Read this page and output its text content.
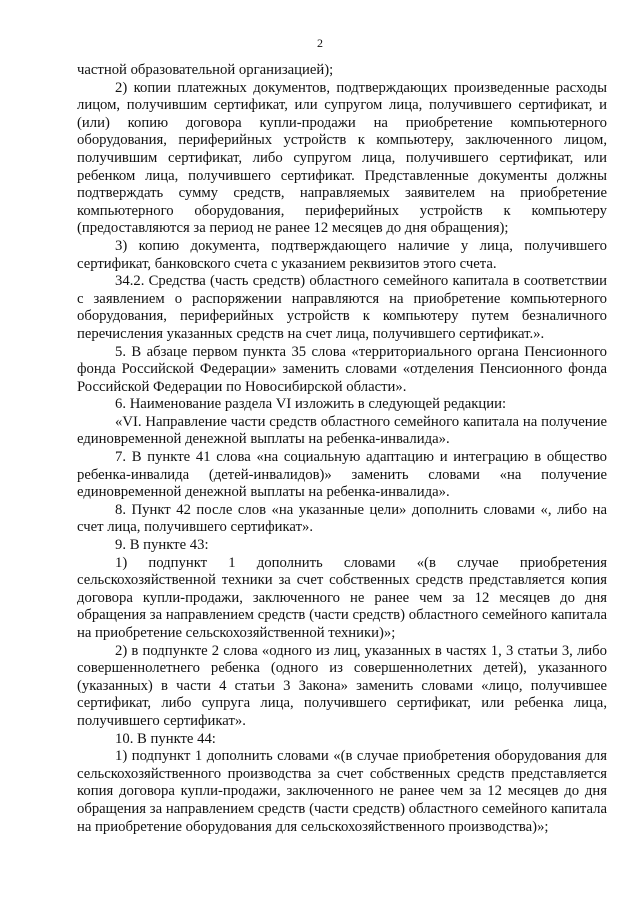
2

частной образовательной организацией);

2) копии платежных документов, подтверждающих произведенные расходы лицом, получившим сертификат, или супругом лица, получившего сертификат, и (или) копию договора купли-продажи на приобретение компьютерного оборудования, периферийных устройств к компьютеру, заключенного лицом, получившим сертификат, либо супругом лица, получившего сертификат, или ребенком лица, получившего сертификат. Представленные документы должны подтверждать сумму средств, направляемых заявителем на приобретение компьютерного оборудования, периферийных устройств к компьютеру (предоставляются за период не ранее 12 месяцев до дня обращения);

3) копию документа, подтверждающего наличие у лица, получившего сертификат, банковского счета с указанием реквизитов этого счета.

34.2. Средства (часть средств) областного семейного капитала в соответствии с заявлением о распоряжении направляются на приобретение компьютерного оборудования, периферийных устройств к компьютеру путем безналичного перечисления указанных средств на счет лица, получившего сертификат.».

5. В абзаце первом пункта 35 слова «территориального органа Пенсионного фонда Российской Федерации» заменить словами «отделения Пенсионного фонда Российской Федерации по Новосибирской области».

6. Наименование раздела VI изложить в следующей редакции:

«VI. Направление части средств областного семейного капитала на получение единовременной денежной выплаты на ребенка-инвалида».

7. В пункте 41 слова «на социальную адаптацию и интеграцию в общество ребенка-инвалида (детей-инвалидов)» заменить словами «на получение единовременной денежной выплаты на ребенка-инвалида».

8. Пункт 42 после слов «на указанные цели» дополнить словами «, либо на счет лица, получившего сертификат».

9. В пункте 43:

1) подпункт 1 дополнить словами «(в случае приобретения сельскохозяйственной техники за счет собственных средств представляется копия договора купли-продажи, заключенного не ранее чем за 12 месяцев до дня обращения за направлением средств (части средств) областного семейного капитала на приобретение сельскохозяйственной техники)»;

2) в подпункте 2 слова «одного из лиц, указанных в частях 1, 3 статьи 3, либо совершеннолетнего ребенка (одного из совершеннолетних детей), указанного (указанных) в части 4 статьи 3 Закона» заменить словами «лицо, получившее сертификат, либо супруга лица, получившего сертификат, или ребенка лица, получившего сертификат».

10. В пункте 44:

1) подпункт 1 дополнить словами «(в случае приобретения оборудования для сельскохозяйственного производства за счет собственных средств представляется копия договора купли-продажи, заключенного не ранее чем за 12 месяцев до дня обращения за направлением средств (части средств) областного семейного капитала на приобретение оборудования для сельскохозяйственного производства)»;
